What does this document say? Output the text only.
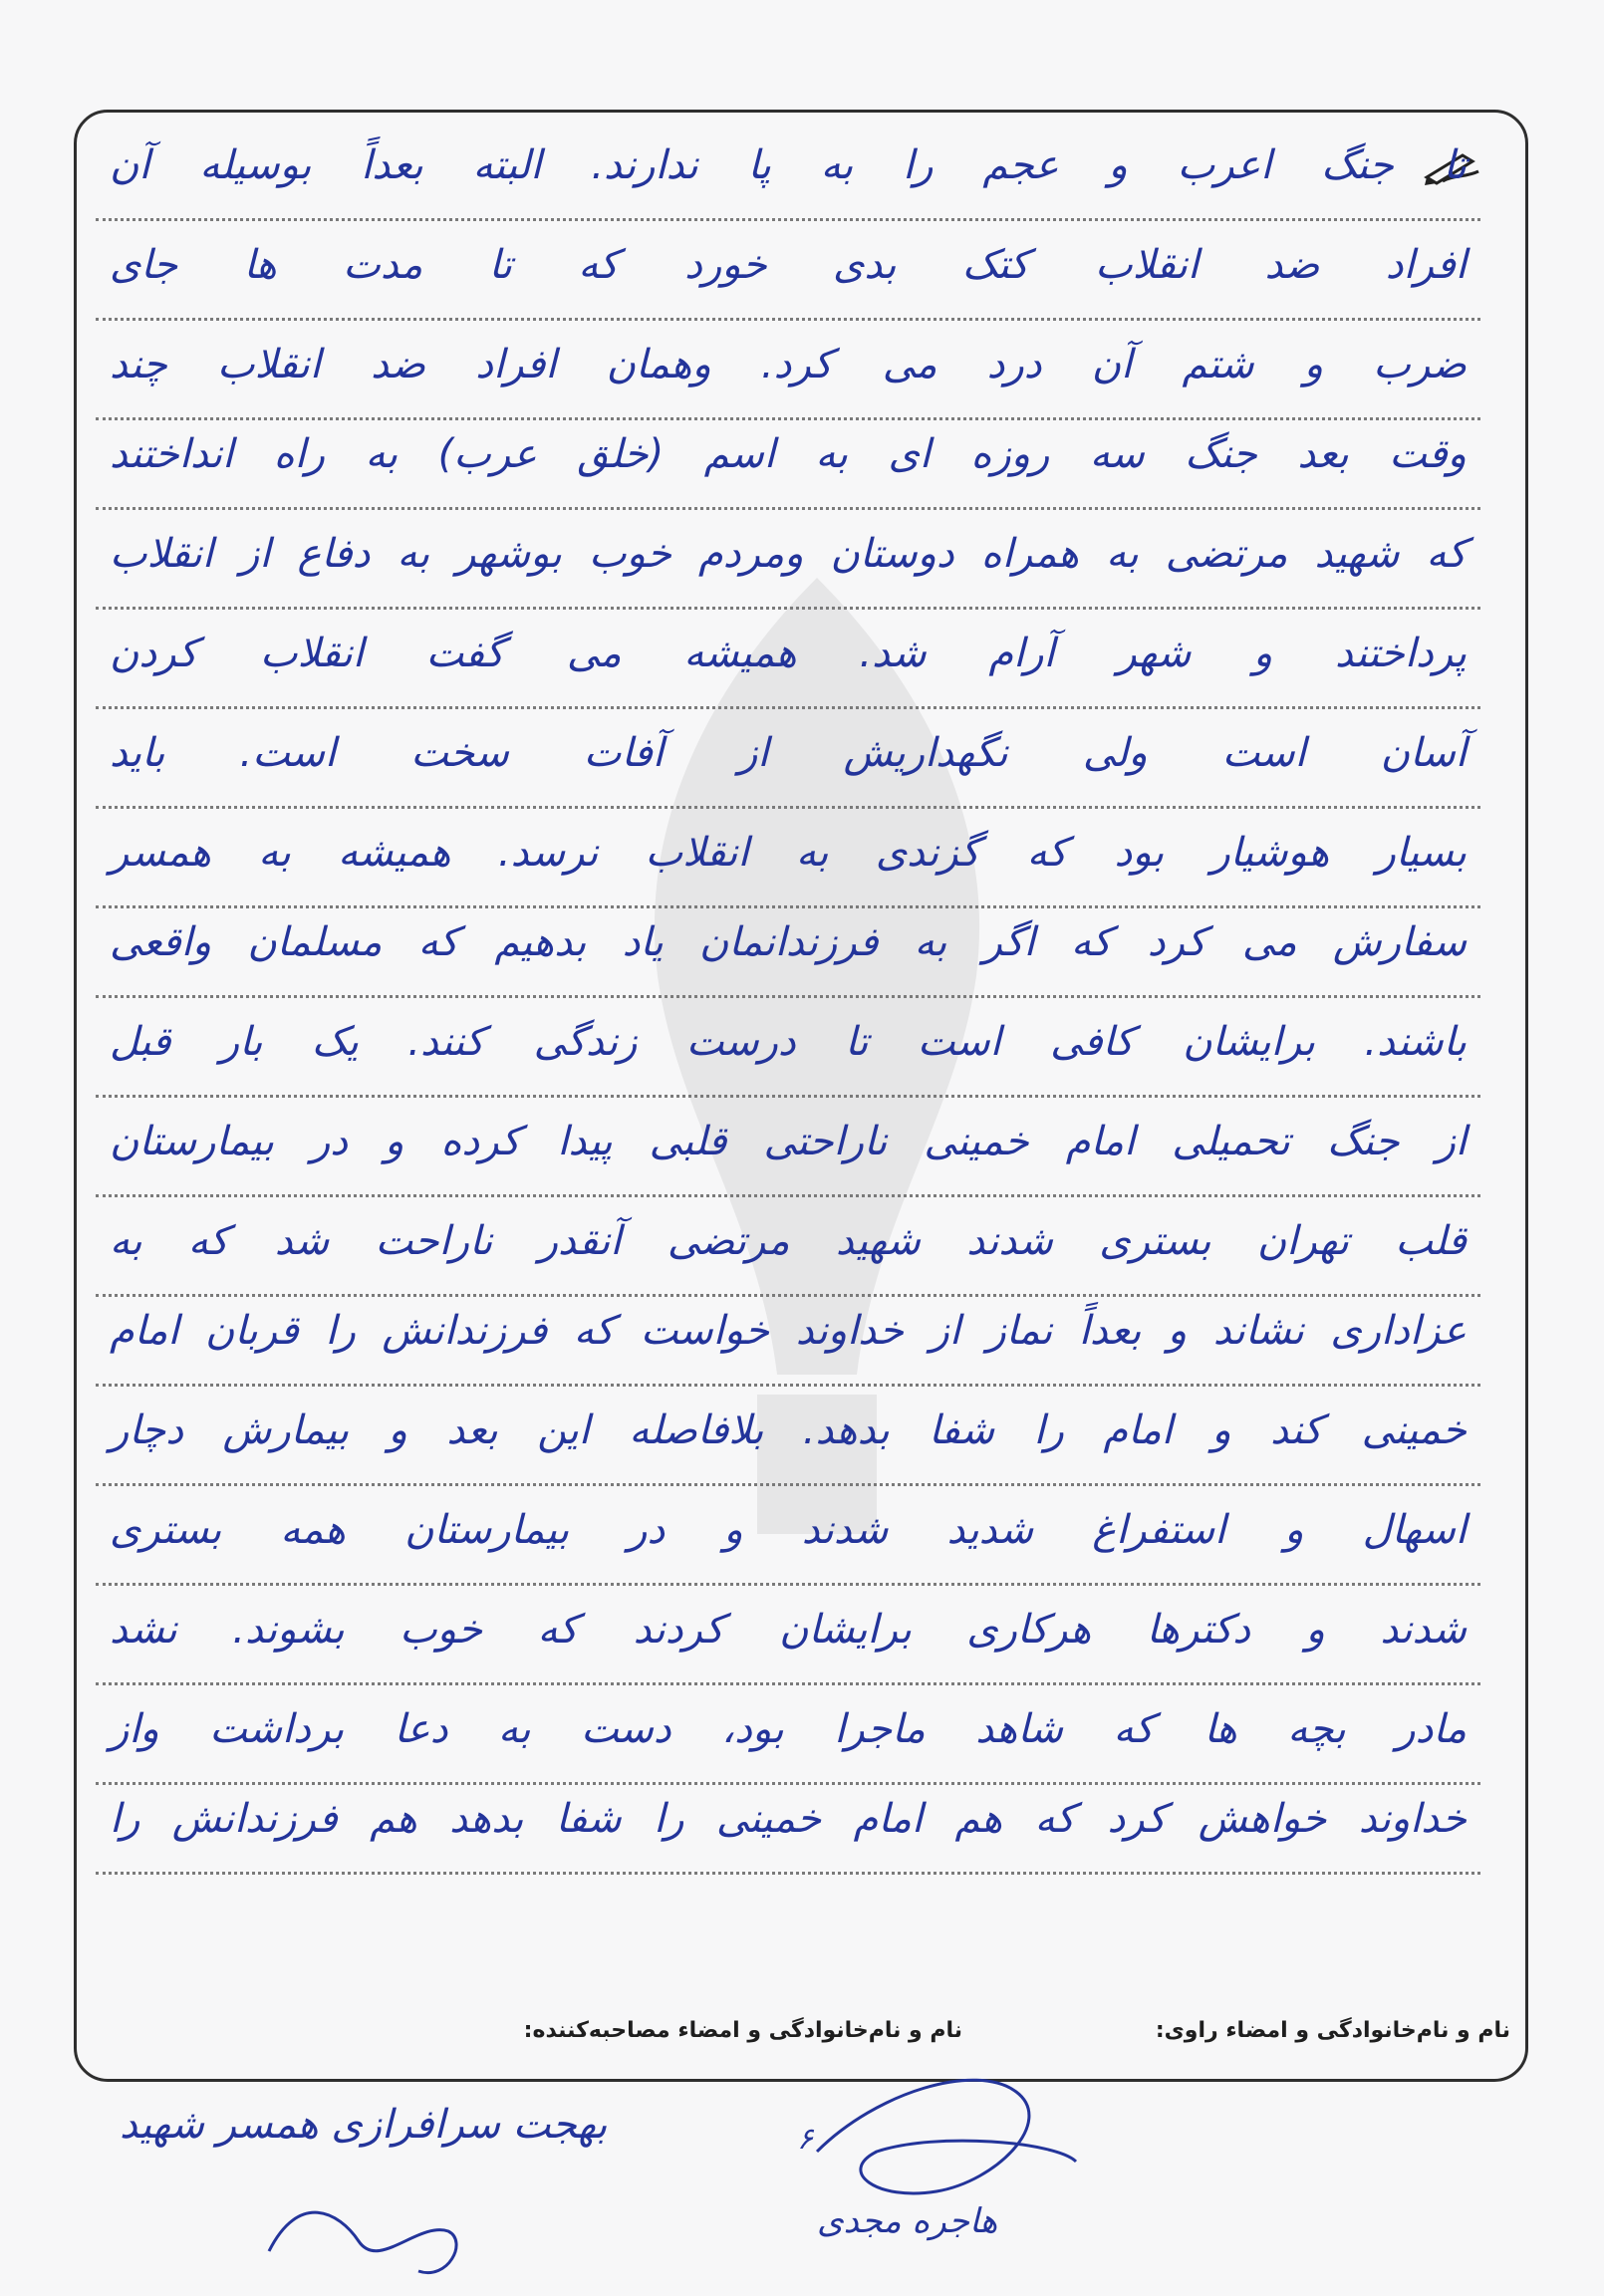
تا جنگ اعرب و عجم را به پا ندارند. البته بعداً بوسیله آن
افراد ضد انقلاب کتک بدی خورد که تا مدت ها جای
ضرب و شتم آن درد می کرد. وهمان افراد ضد انقلاب چند
وقت بعد جنگ سه روزه ای به اسم (خلق عرب) به راه انداختند
که شهید مرتضی به همراه دوستان ومردم خوب بوشهر به دفاع از انقلاب
پرداختند و شهر آرام شد. همیشه می گفت انقلاب کردن
آسان است ولی نگهداریش از آفات سخت است. باید
بسیار هوشیار بود که گزندی به انقلاب نرسد. همیشه به همسر
سفارش می کرد که اگر به فرزندانمان یاد بدهیم که مسلمان واقعی
باشند. برایشان کافی است تا درست زندگی کنند. یک بار قبل
از جنگ تحمیلی امام خمینی ناراحتی قلبی پیدا کرده و در بیمارستان
قلب تهران بستری شدند شهید مرتضی آنقدر ناراحت شد که به
عزاداری نشاند و بعداً نماز از خداوند خواست که فرزندانش را قربان امام
خمینی کند و امام را شفا بدهد. بلافاصله این بعد و بیمارش دچار
اسهال و استفراغ شدید شدند و در بیمارستان همه بستری
شدند و دکترها هرکاری برایشان کردند که خوب بشوند. نشد
مادر بچه ها که شاهد ماجرا بود، دست به دعا برداشت واز
خداوند خواهش کرد که هم امام خمینی را شفا بدهد هم فرزندانش را
نام و نام‌خانوادگی و امضاء راوی:
نام و نام‌خانوادگی و امضاء مصاحبه‌کننده:
بهجت سرافرازی همسر شهید	۶
هاجره مجدی
